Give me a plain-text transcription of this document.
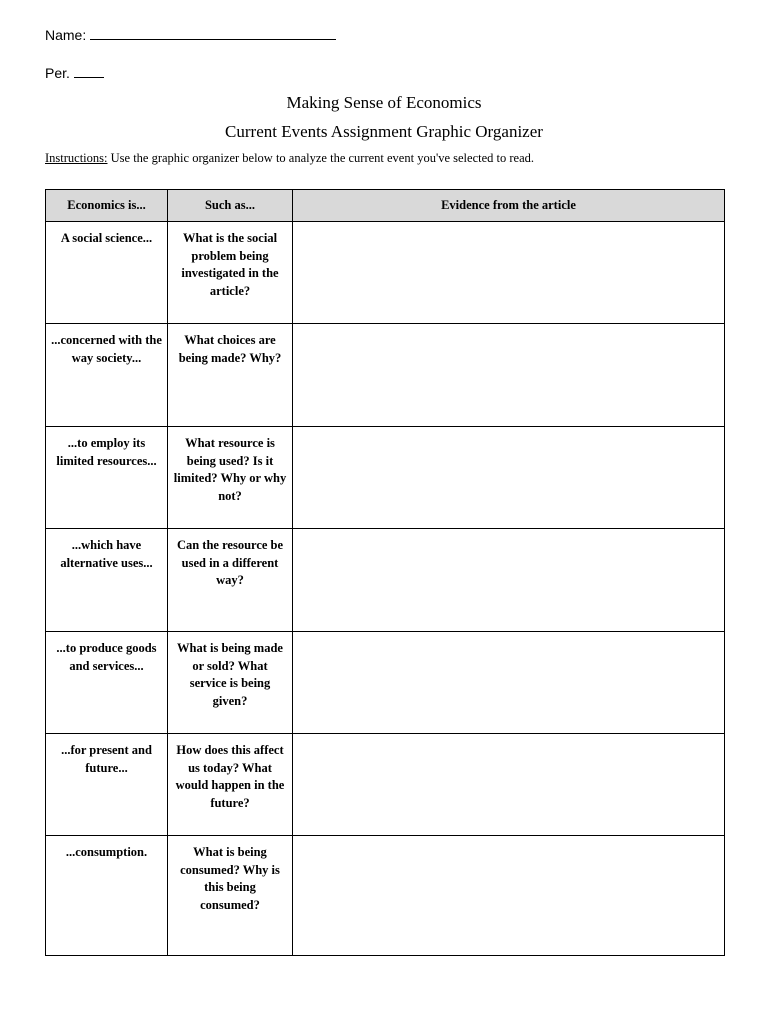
Name:
Per.
Making Sense of Economics
Current Events Assignment Graphic Organizer
Instructions: Use the graphic organizer below to analyze the current event you've selected to read.
Economics is...	Such as...	Evidence from the article
A social science...	What is the social problem being investigated in the article?	
...concerned with the way society...	What choices are being made? Why?	
...to employ its limited resources...	What resource is being used? Is it limited? Why or why not?	
...which have alternative uses...	Can the resource be used in a different way?	
...to produce goods and services...	What is being made or sold? What service is being given?	
...for present and future...	How does this affect us today? What would happen in the future?	
...consumption.	What is being consumed? Why is this being consumed?	
